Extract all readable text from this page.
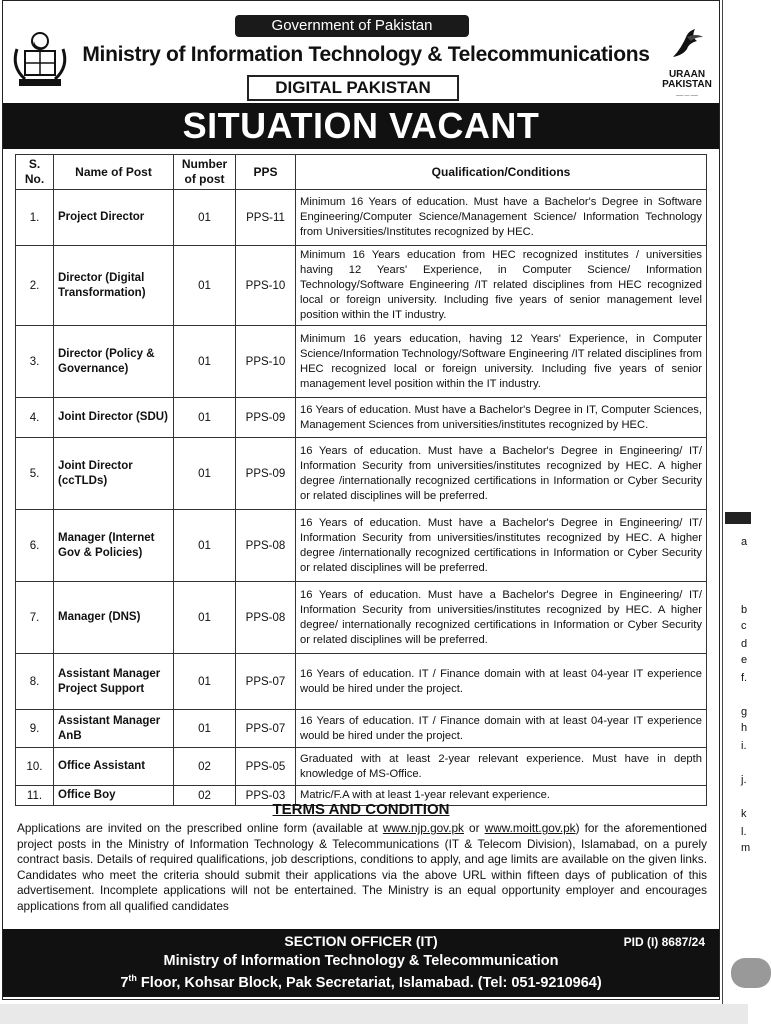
Government of Pakistan
Ministry of Information Technology & Telecommunications
URAAN PAKISTAN
ـــــ ـــ ـــــ
DIGITAL PAKISTAN
SITUATION VACANT
S. No.	Name of Post	Number of post	PPS	Qualification/Conditions
1.	Project Director	01	PPS-11	Minimum 16 Years of education. Must have a Bachelor's Degree in Software Engineering/Computer Science/Management Science/ Information Technology from Universities/Institutes recognized by HEC.
2.	Director (Digital Transformation)	01	PPS-10	Minimum 16 Years education from HEC recognized institutes / universities having 12 Years' Experience, in Computer Science/ Information Technology/Software Engineering /IT related disciplines from HEC recognized local or foreign university. Including five years of senior management level position within the IT industry.
3.	Director (Policy & Governance)	01	PPS-10	Minimum 16 years education, having 12 Years' Experience, in Computer Science/Information Technology/Software Engineering /IT related disciplines from HEC recognized local or foreign university. Including five years of senior management level position within the IT industry.
4.	Joint Director (SDU)	01	PPS-09	16 Years of education. Must have a Bachelor's Degree in IT, Computer Sciences, Management Sciences from universities/institutes recognized by HEC.
5.	Joint Director (ccTLDs)	01	PPS-09	16 Years of education. Must have a Bachelor's Degree in Engineering/ IT/ Information Security from universities/institutes recognized by HEC. A higher degree /internationally recognized certifications in Information or Cyber Security or related disciplines will be preferred.
6.	Manager (Internet Gov & Policies)	01	PPS-08	16 Years of education. Must have a Bachelor's Degree in Engineering/ IT/ Information Security from universities/institutes recognized by HEC. A higher degree /internationally recognized certifications in Information or Cyber Security or related disciplines will be preferred.
7.	Manager (DNS)	01	PPS-08	16 Years of education. Must have a Bachelor's Degree in Engineering/ IT/ Information Security from universities/institutes recognized by HEC. A higher degree/ internationally recognized certifications in Information or Cyber Security or related disciplines will be preferred.
8.	Assistant Manager Project Support	01	PPS-07	16 Years of education. IT / Finance domain with at least 04-year IT experience would be hired under the project.
9.	Assistant Manager AnB	01	PPS-07	16 Years of education. IT / Finance domain with at least 04-year IT experience would be hired under the project.
10.	Office Assistant	02	PPS-05	Graduated with at least 2-year relevant experience. Must have in depth knowledge of MS-Office.
11.	Office Boy	02	PPS-03	Matric/F.A with at least 1-year relevant experience.
TERMS AND CONDITION

Applications are invited on the prescribed online form (available at www.njp.gov.pk or www.moitt.gov.pk) for the aforementioned project posts in the Ministry of Information Technology & Telecommunications (IT & Telecom Division), Islamabad, on a purely contract basis. Details of required qualifications, job descriptions, conditions to apply, and age limits are available on the given links. Candidates who meet the criteria should submit their applications via the above URL within fifteen days of publication of this advertisement. Incomplete applications will not be entertained. The Ministry is an equal opportunity employer and encourages applications from all qualified candidates

SECTION OFFICER (IT)	PID (I) 8687/24
Ministry of Information Technology & Telecommunication
7th Floor, Kohsar Block, Pak Secretariat, Islamabad. (Tel: 051-9210964)
a
b
c
d
e
f.
g
h
i.
j.
k
l.
m
